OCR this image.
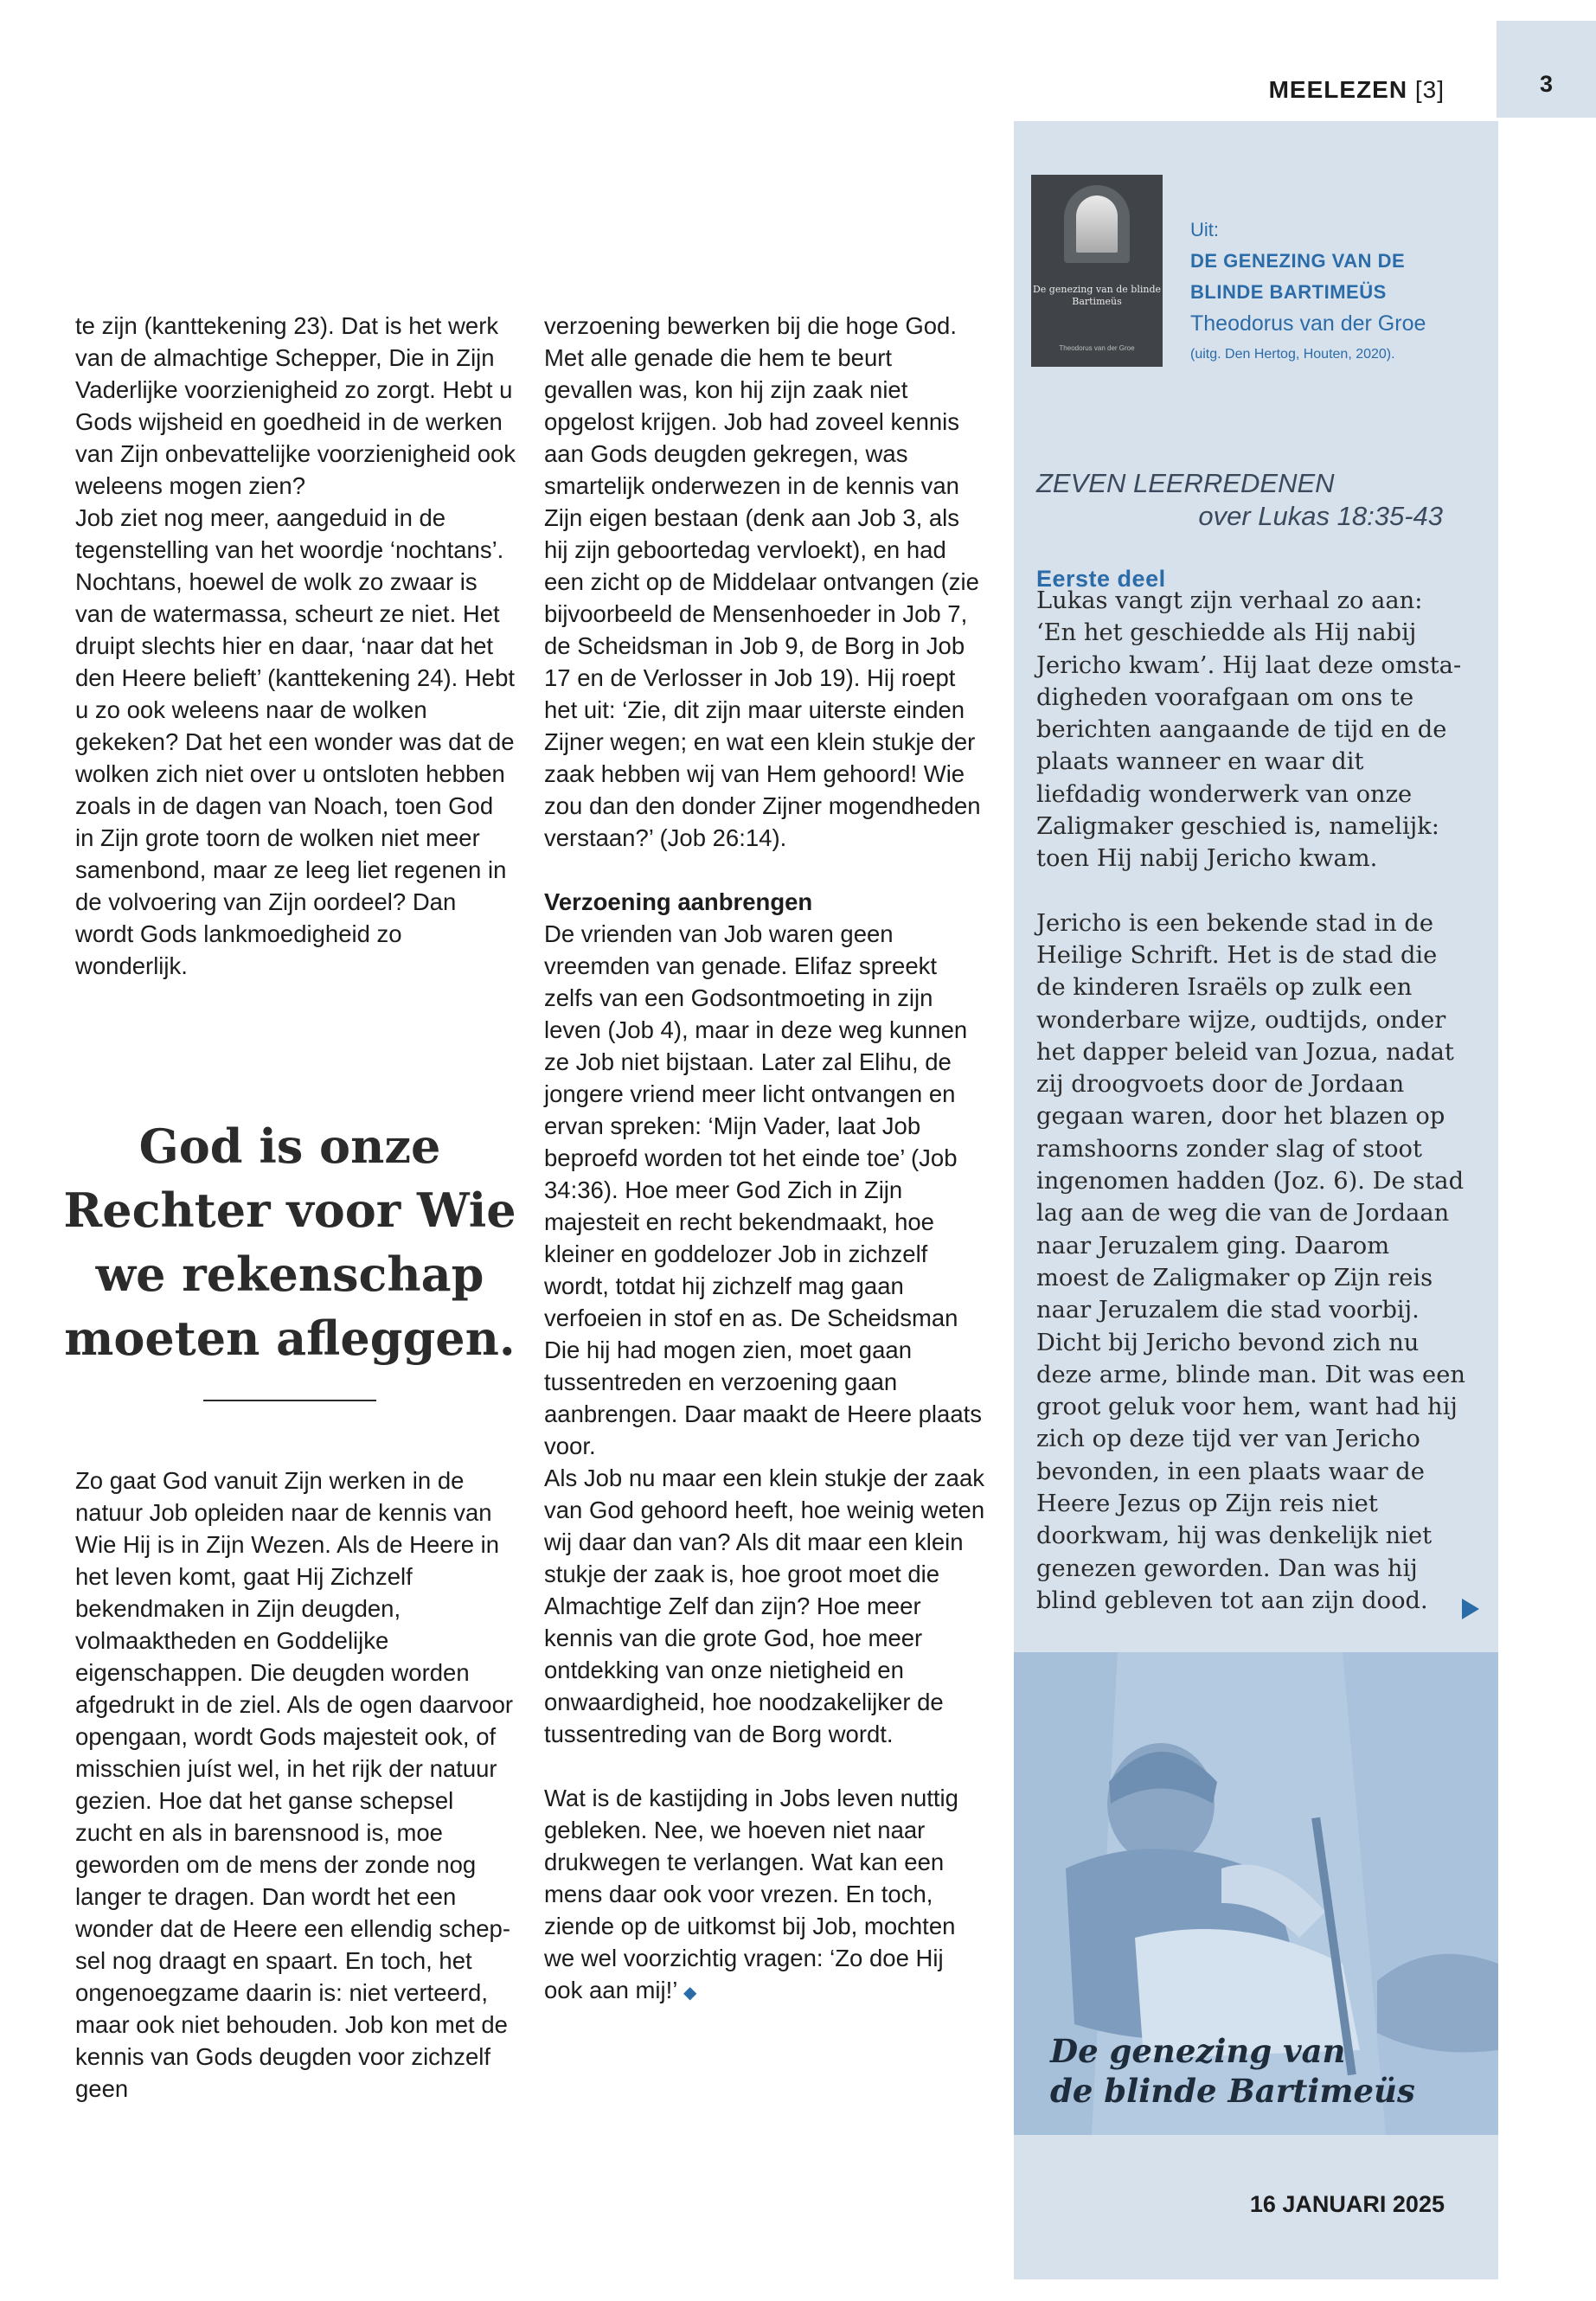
3
MEELEZEN [3]

te zijn (kanttekening 23). Dat is het werk van de almachtige Schepper, Die in Zijn Vaderlijke voorzienigheid zo zorgt. Hebt u Gods wijsheid en goedheid in de werken van Zijn onbevattelijke voorzienigheid ook weleens mogen zien?

Job ziet nog meer, aangeduid in de tegenstelling van het woordje ‘nochtans’. Nochtans, hoewel de wolk zo zwaar is van de watermassa, scheurt ze niet. Het druipt slechts hier en daar, ‘naar dat het den Heere belieft’ (kanttekening 24). Hebt u zo ook weleens naar de wolken gekeken? Dat het een wonder was dat de wolken zich niet over u ontsloten hebben zoals in de dagen van Noach, toen God in Zijn grote toorn de wolken niet meer samenbond, maar ze leeg liet regenen in de volvoering van Zijn oordeel? Dan wordt Gods lankmoedigheid zo wonderlijk.

God is onze Rechter voor Wie we rekenschap moeten afleggen.

Zo gaat God vanuit Zijn werken in de natuur Job opleiden naar de kennis van Wie Hij is in Zijn Wezen. Als de Heere in het leven komt, gaat Hij Zichzelf bekendmaken in Zijn deugden, volmaaktheden en Goddelijke eigenschappen. Die deugden worden afgedrukt in de ziel. Als de ogen daarvoor opengaan, wordt Gods majesteit ook, of misschien juíst wel, in het rijk der natuur gezien. Hoe dat het ganse schepsel zucht en als in barensnood is, moe geworden om de mens der zonde nog langer te dragen. Dan wordt het een wonder dat de Heere een ellendig schepsel nog draagt en spaart. En toch, het ongenoegzame daarin is: niet verteerd, maar ook niet behouden. Job kon met de kennis van Gods deugden voor zichzelf geen

verzoening bewerken bij die hoge God. Met alle genade die hem te beurt gevallen was, kon hij zijn zaak niet opgelost krijgen. Job had zoveel kennis aan Gods deugden gekregen, was smartelijk onderwezen in de kennis van Zijn eigen bestaan (denk aan Job 3, als hij zijn geboortedag vervloekt), en had een zicht op de Middelaar ontvangen (zie bijvoorbeeld de Mensenhoeder in Job 7, de Scheidsman in Job 9, de Borg in Job 17 en de Verlosser in Job 19). Hij roept het uit: ‘Zie, dit zijn maar uiterste einden Zijner wegen; en wat een klein stukje der zaak hebben wij van Hem gehoord! Wie zou dan den donder Zijner mogendheden verstaan?’ (Job 26:14).

Verzoening aanbrengen

De vrienden van Job waren geen vreemden van genade. Elifaz spreekt zelfs van een Godsontmoeting in zijn leven (Job 4), maar in deze weg kunnen ze Job niet bijstaan. Later zal Elihu, de jongere vriend meer licht ontvangen en ervan spreken: ‘Mijn Vader, laat Job beproefd worden tot het einde toe’ (Job 34:36). Hoe meer God Zich in Zijn majesteit en recht bekendmaakt, hoe kleiner en goddelozer Job in zichzelf wordt, totdat hij zichzelf mag gaan verfoeien in stof en as. De Scheidsman Die hij had mogen zien, moet gaan tussentreden en verzoening gaan aanbrengen. Daar maakt de Heere plaats voor.

Als Job nu maar een klein stukje der zaak van God gehoord heeft, hoe weinig weten wij daar dan van? Als dit maar een klein stukje der zaak is, hoe groot moet die Almachtige Zelf dan zijn? Hoe meer kennis van die grote God, hoe meer ontdekking van onze nietigheid en onwaardigheid, hoe noodzakelijker de tussentreding van de Borg wordt.

Wat is de kastijding in Jobs leven nuttig gebleken. Nee, we hoeven niet naar drukwegen te verlangen. Wat kan een mens daar ook voor vrezen. En toch, ziende op de uitkomst bij Job, mochten we wel voorzichtig vragen: ‘Zo doe Hij ook aan mij!’ ◆

De genezing van de blinde Bartimeüs
Theodorus van der Groe
Uit:
DE GENEZING VAN DE
BLINDE BARTIMEÜS
Theodorus van der Groe
(uitg. Den Hertog, Houten, 2020).
ZEVEN LEERREDENEN
over Lukas 18:35-43
Eerste deel

Lukas vangt zijn verhaal zo aan: ‘En het geschiedde als Hij nabij Jericho kwam’. Hij laat deze omstadigheden voorafgaan om ons te berichten aangaande de tijd en de plaats wanneer en waar dit liefdadig wonderwerk van onze Zaligmaker geschied is, namelijk: toen Hij nabij Jericho kwam.

Jericho is een bekende stad in de Heilige Schrift. Het is de stad die de kinderen Israëls op zulk een wonderbare wijze, oudtijds, onder het dapper beleid van Jozua, nadat zij droogvoets door de Jordaan gegaan waren, door het blazen op ramshoorns zonder slag of stoot ingenomen hadden (Joz. 6). De stad lag aan de weg die van de Jordaan naar Jeruzalem ging. Daarom moest de Zaligmaker op Zijn reis naar Jeruzalem die stad voorbij. Dicht bij Jericho bevond zich nu deze arme, blinde man. Dit was een groot geluk voor hem, want had hij zich op deze tijd ver van Jericho bevonden, in een plaats waar de Heere Jezus op Zijn reis niet doorkwam, hij was denkelijk niet genezen geworden. Dan was hij blind gebleven tot aan zijn dood.

De genezing van
de blinde Bartimeüs
16 JANUARI 2025
